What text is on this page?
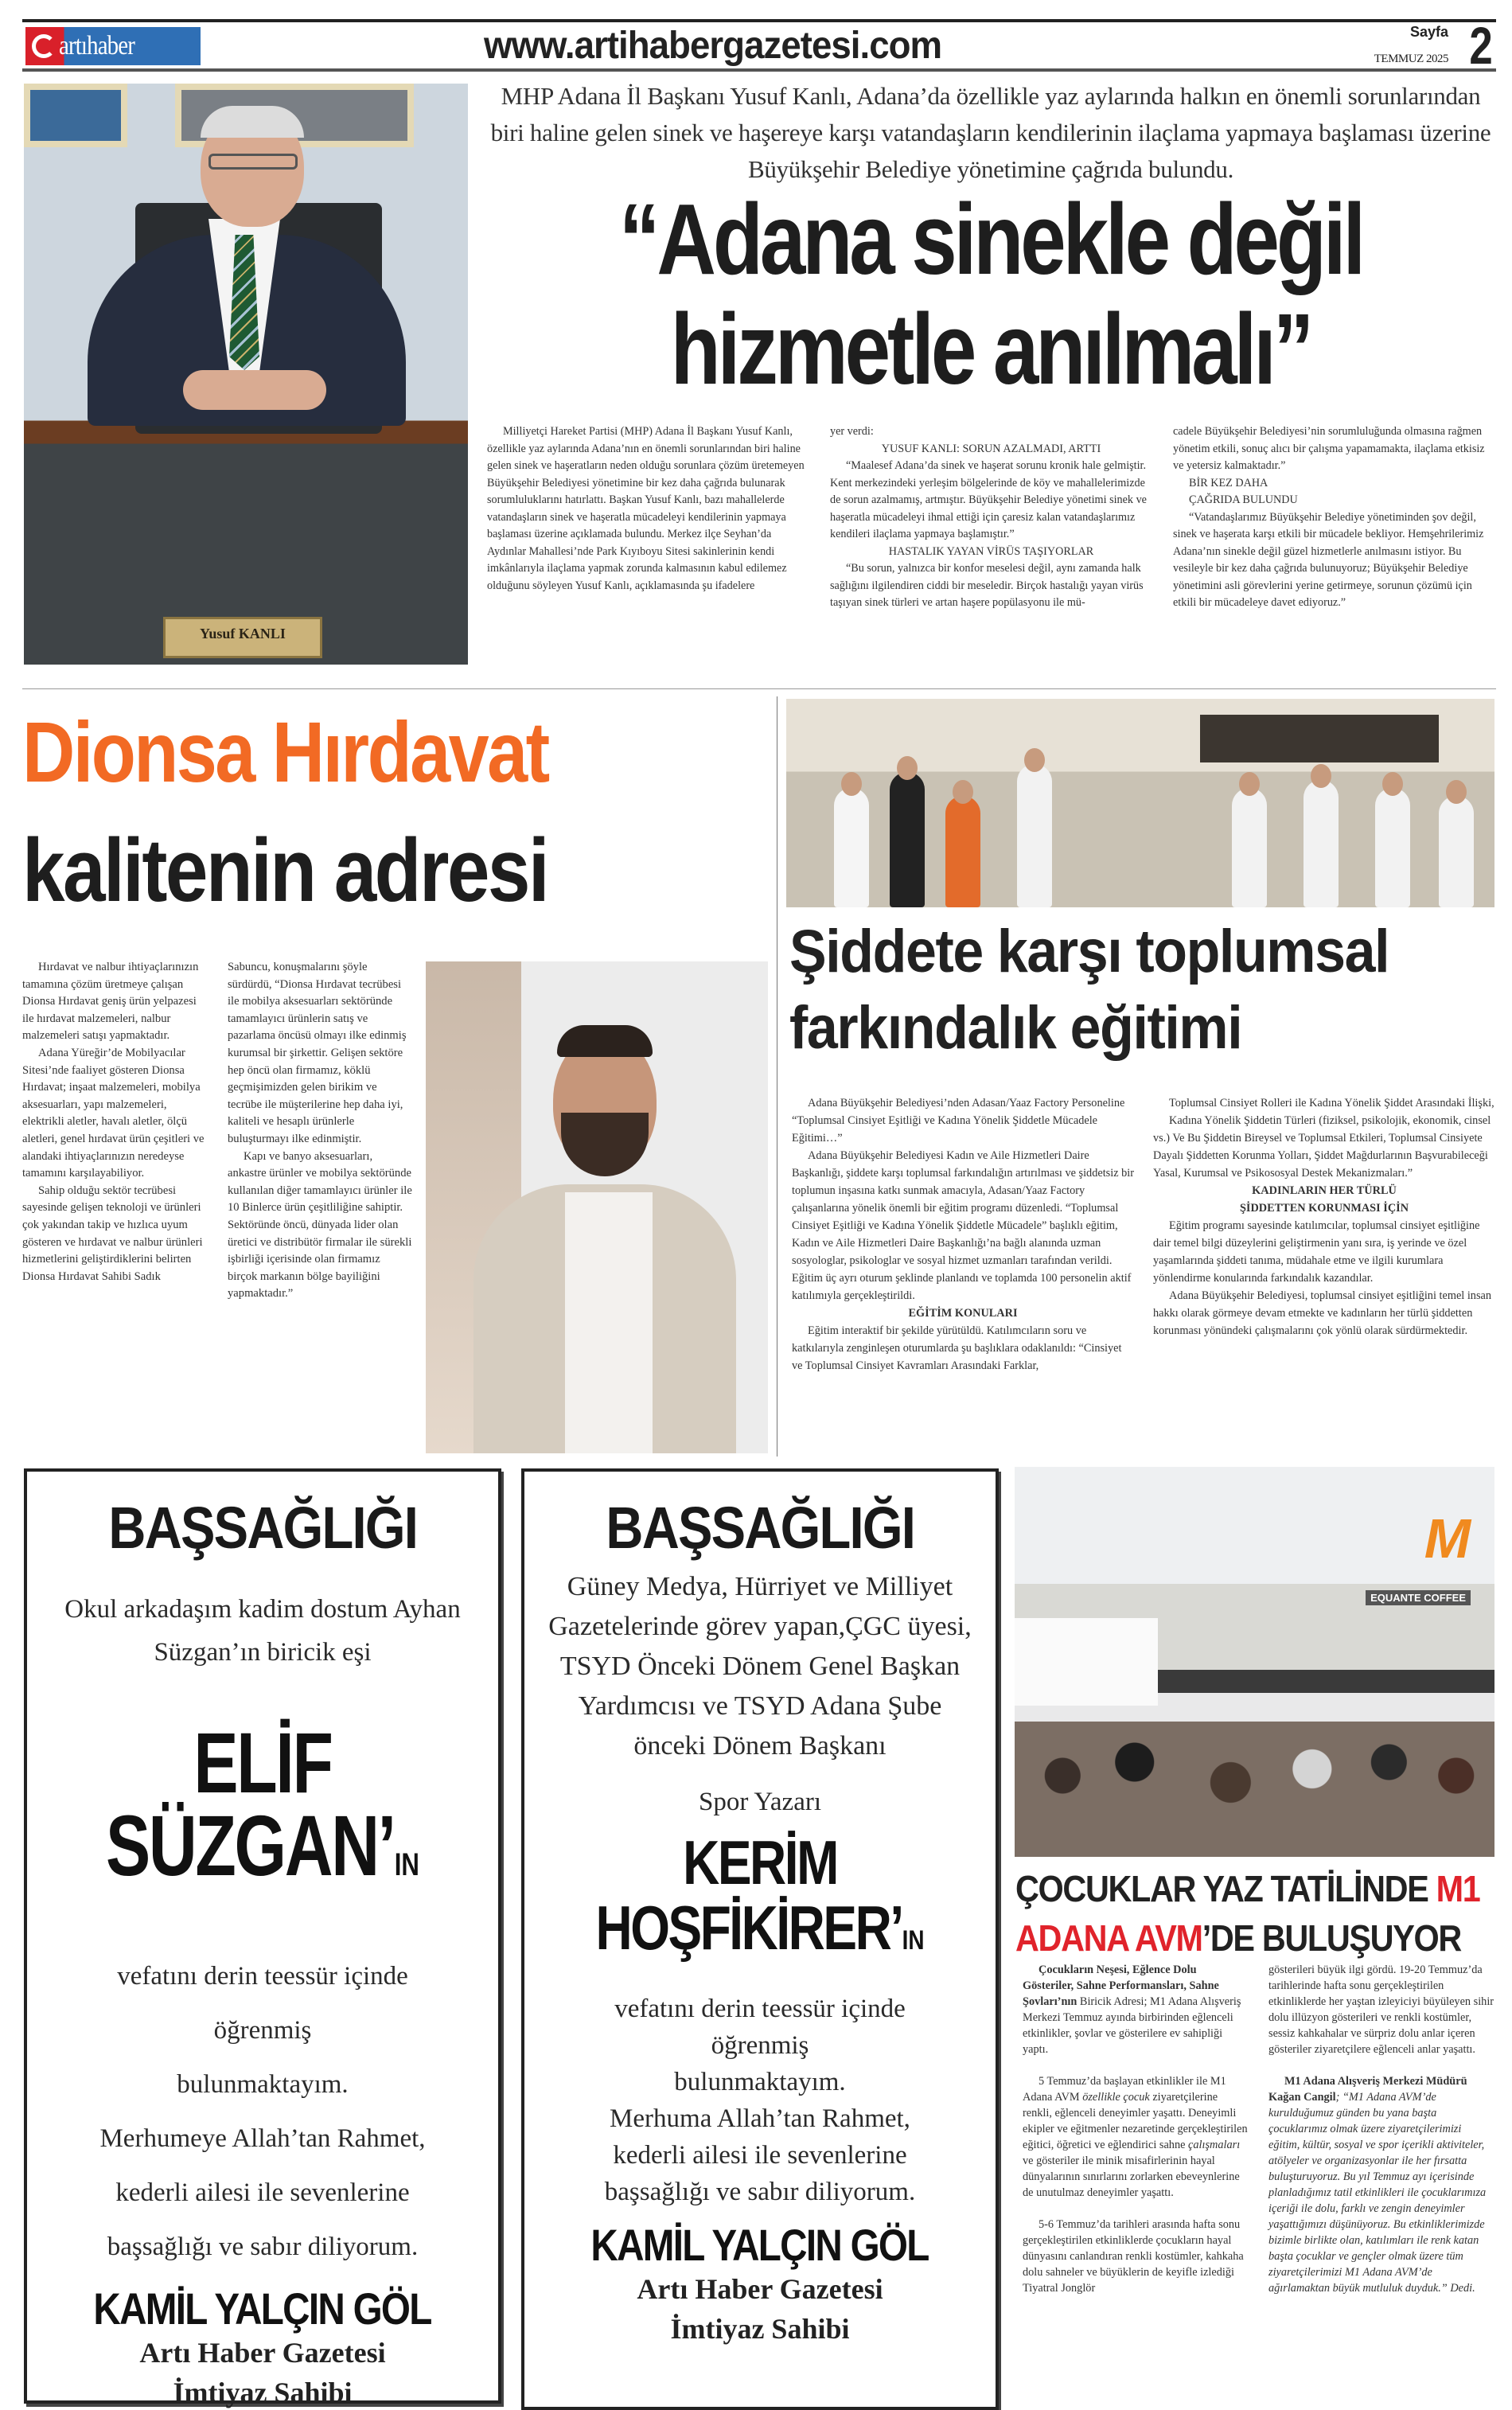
artıhaber	www.artihabergazetesi.com	Sayfa
TEMMUZ 2025 2
Yusuf KANLI
MHP Adana İl Başkanı Yusuf Kanlı, Adana’da özellikle yaz aylarında halkın en önemli sorunlarından biri haline gelen sinek ve haşereye karşı vatandaşların kendilerinin ilaçlama yapmaya başlaması üzerine Büyükşehir Belediye yönetimine çağrıda bulundu.
“Adana sinekle değil
hizmetle anılmalı”

Milliyetçi Hareket Partisi (MHP) Adana İl Başkanı Yusuf Kanlı, özellikle yaz aylarında Adana’nın en önemli sorunlarından biri haline gelen sinek ve haşeratların neden olduğu sorunlara çözüm üretemeyen Büyükşehir Belediyesi yönetimine bir kez daha çağrıda bulunarak sorumluluklarını hatırlattı. Başkan Yusuf Kanlı, bazı mahallelerde vatandaşların sinek ve haşeratla mücadeleyi kendilerinin yapmaya başlaması üzerine açıklamada bulundu. Merkez ilçe Seyhan’da Aydınlar Mahallesi’nde Park Kıyıboyu Sitesi sakinlerinin kendi imkânlarıyla ilaçlama yapmak zorunda kalmasının kabul edilemez olduğunu söyleyen Yusuf Kanlı, açıklamasında şu ifadelere

yer verdi:
YUSUF KANLI: SORUN AZALMADI, ARTTI

“Maalesef Adana’da sinek ve haşerat sorunu kronik hale gelmiştir. Kent merkezindeki yerleşim bölgelerinde de köy ve mahallelerimizde de sorun azalmamış, artmıştır. Büyükşehir Belediye yönetimi sinek ve haşeratla mücadeleyi ihmal ettiği için çaresiz kalan vatandaşlarımız kendileri ilaçlama yapmaya başlamıştır.”

HASTALIK YAYAN VİRÜS TAŞIYORLAR

“Bu sorun, yalnızca bir konfor meselesi değil, aynı zamanda halk sağlığını ilgilendiren ciddi bir meseledir. Birçok hastalığı yayan virüs taşıyan sinek türleri ve artan haşere popülasyonu ile mü-

cadele Büyükşehir Belediyesi’nin sorumluluğunda olmasına rağmen yönetim etkili, sonuç alıcı bir çalışma yapamamakta, ilaçlama etkisiz ve yetersiz kalmaktadır.”
BİR KEZ DAHA
ÇAĞRIDA BULUNDU

“Vatandaşlarımız Büyükşehir Belediye yönetiminden şov değil, sinek ve haşerata karşı etkili bir mücadele bekliyor. Hemşehrilerimiz Adana’nın sinekle değil güzel hizmetlerle anılmasını istiyor. Bu vesileyle bir kez daha çağrıda bulunuyoruz; Büyükşehir Belediye yönetimini asli görevlerini yerine getirmeye, sorunun çözümü için etkili bir mücadeleye davet ediyoruz.”

Dionsa Hırdavat
kalitenin adresi

Hırdavat ve nalbur ihtiyaçlarınızın tamamına çözüm üretmeye çalışan Dionsa Hırdavat geniş ürün yelpazesi ile hırdavat malzemeleri, nalbur malzemeleri satışı yapmaktadır.

Adana Yüreğir’de Mobilyacılar Sitesi’nde faaliyet gösteren Dionsa Hırdavat; inşaat malzemeleri, mobilya aksesuarları, yapı malzemeleri, elektrikli aletler, havalı aletler, ölçü aletleri, genel hırdavat ürün çeşitleri ve alandaki ihtiyaçlarınızın neredeyse tamamını karşılayabiliyor.

Sahip olduğu sektör tecrübesi sayesinde gelişen teknoloji ve ürünleri çok yakından takip ve hızlıca uyum gösteren ve hırdavat ve nalbur ürünleri hizmetlerini geliştirdiklerini belirten Dionsa Hırdavat Sahibi Sadık

Sabuncu, konuşmalarını şöyle sürdürdü, “Dionsa Hırdavat tecrübesi ile mobilya aksesuarları sektöründe tamamlayıcı ürünlerin satış ve pazarlama öncüsü olmayı ilke edinmiş kurumsal bir şirkettir. Gelişen sektöre hep öncü olan firmamız, köklü geçmişimizden gelen birikim ve tecrübe ile müşterilerine hep daha iyi, kaliteli ve hesaplı ürünlerle buluşturmayı ilke edinmiştir.

Kapı ve banyo aksesuarları, ankastre ürünler ve mobilya sektöründe kullanılan diğer tamamlayıcı ürünler ile 10 Binlerce ürün çeşitliliğine sahiptir. Sektöründe öncü, dünyada lider olan üretici ve distribütör firmalar ile sürekli işbirliği içerisinde olan firmamız birçok markanın bölge bayiliğini yapmaktadır.”

Şiddete karşı toplumsal
farkındalık eğitimi

Adana Büyükşehir Belediyesi’nden Adasan/Yaaz Factory Personeline “Toplumsal Cinsiyet Eşitliği ve Kadına Yönelik Şiddetle Mücadele Eğitimi…”

Adana Büyükşehir Belediyesi Kadın ve Aile Hizmetleri Daire Başkanlığı, şiddete karşı toplumsal farkındalığın artırılması ve şiddetsiz bir toplumun inşasına katkı sunmak amacıyla, Adasan/Yaaz Factory çalışanlarına yönelik önemli bir eğitim programı düzenledi. “Toplumsal Cinsiyet Eşitliği ve Kadına Yönelik Şiddetle Mücadele” başlıklı eğitim, Kadın ve Aile Hizmetleri Daire Başkanlığı’na bağlı alanında uzman sosyologlar, psikologlar ve sosyal hizmet uzmanları tarafından verildi. Eğitim üç ayrı oturum şeklinde planlandı ve toplamda 100 personelin aktif katılımıyla gerçekleştirildi.

EĞİTİM KONULARI

Eğitim interaktif bir şekilde yürütüldü. Katılımcıların soru ve katkılarıyla zenginleşen oturumlarda şu başlıklara odaklanıldı: “Cinsiyet ve Toplumsal Cinsiyet Kavramları Arasındaki Farklar,

Toplumsal Cinsiyet Rolleri ile Kadına Yönelik Şiddet Arasındaki İlişki,

Kadına Yönelik Şiddetin Türleri (fiziksel, psikolojik, ekonomik, cinsel vs.) Ve Bu Şiddetin Bireysel ve Toplumsal Etkileri, Toplumsal Cinsiyete Dayalı Şiddetten Korunma Yolları, Şiddet Mağdurlarının Başvurabileceği Yasal, Kurumsal ve Psikososyal Destek Mekanizmaları.”

KADINLARIN HER TÜRLÜ
ŞİDDETTEN KORUNMASI İÇİN

Eğitim programı sayesinde katılımcılar, toplumsal cinsiyet eşitliğine dair temel bilgi düzeylerini geliştirmenin yanı sıra, iş yerinde ve özel yaşamlarında şiddeti tanıma, müdahale etme ve ilgili kurumlara yönlendirme konularında farkındalık kazandılar.

Adana Büyükşehir Belediyesi, toplumsal cinsiyet eşitliğini temel insan hakkı olarak görmeye devam etmekte ve kadınların her türlü şiddetten korunması yönündeki çalışmalarını çok yönlü olarak sürdürmektedir.

BAŞSAĞLIĞI
Okul arkadaşım kadim dostum Ayhan Süzgan’ın biricik eşi
ELİF
SÜZGAN’IN
vefatını derin teessür içinde
öğrenmiş
bulunmaktayım.
Merhumeye Allah’tan Rahmet,
kederli ailesi ile sevenlerine
başsağlığı ve sabır diliyorum.
KAMİL YALÇIN GÖL
Artı Haber Gazetesi
İmtiyaz Sahibi
BAŞSAĞLIĞI
Güney Medya, Hürriyet ve Milliyet Gazetelerinde görev yapan,ÇGC üyesi, TSYD Önceki Dönem Genel Başkan Yardımcısı ve TSYD Adana Şube önceki Dönem Başkanı
Spor Yazarı
KERİM
HOŞFİKİRER’IN
vefatını derin teessür içinde
öğrenmiş
bulunmaktayım.
Merhuma Allah’tan Rahmet,
kederli ailesi ile sevenlerine
başsağlığı ve sabır diliyorum.
KAMİL YALÇIN GÖL
Artı Haber Gazetesi
İmtiyaz Sahibi
M
EQUANTE COFFEE
ÇOCUKLAR YAZ TATİLİNDE M1
ADANA AVM’DE BULUŞUYOR

Çocukların Neşesi, Eğlence Dolu Gösteriler, Sahne Performansları, Sahne Şovları’nın Biricik Adresi; M1 Adana Alışveriş Merkezi Temmuz ayında birbirinden eğlenceli etkinlikler, şovlar ve gösterilere ev sahipliği yaptı.

5 Temmuz’da başlayan etkinlikler ile M1 Adana AVM özellikle çocuk ziyaretçilerine renkli, eğlenceli deneyimler yaşattı. Deneyimli ekipler ve eğitmenler nezaretinde gerçekleştirilen eğitici, öğretici ve eğlendirici sahne çalışmaları ve gösteriler ile minik misafirlerinin hayal dünyalarının sınırlarını zorlarken ebeveynlerine de unutulmaz deneyimler yaşattı.

5-6 Temmuz’da tarihleri arasında hafta sonu gerçekleştirilen etkinliklerde çocukların hayal dünyasını canlandıran renkli kostümler, kahkaha dolu sahneler ve büyüklerin de keyifle izlediği Tiyatral Jonglör

gösterileri büyük ilgi gördü. 19-20 Temmuz’da tarihlerinde hafta sonu gerçekleştirilen etkinliklerde her yaştan izleyiciyi büyüleyen sihir dolu illüzyon gösterileri ve renkli kostümler, sessiz kahkahalar ve sürpriz dolu anlar içeren gösteriler ziyaretçilere eğlenceli anlar yaşattı.

M1 Adana Alışveriş Merkezi Müdürü Kağan Cangil; “M1 Adana AVM’de kurulduğumuz günden bu yana başta çocuklarımız olmak üzere ziyaretçilerimizi eğitim, kültür, sosyal ve spor içerikli aktiviteler, atölyeler ve organizasyonlar ile her fırsatta buluşturuyoruz. Bu yıl Temmuz ayı içerisinde planladığımız tatil etkinlikleri ile çocuklarımıza içeriği ile dolu, farklı ve zengin deneyimler yaşattığımızı düşünüyoruz. Bu etkinliklerimizde bizimle birlikte olan, katılımları ile renk katan başta çocuklar ve gençler olmak üzere tüm ziyaretçilerimizi M1 Adana AVM’de ağırlamaktan büyük mutluluk duyduk.” Dedi.
